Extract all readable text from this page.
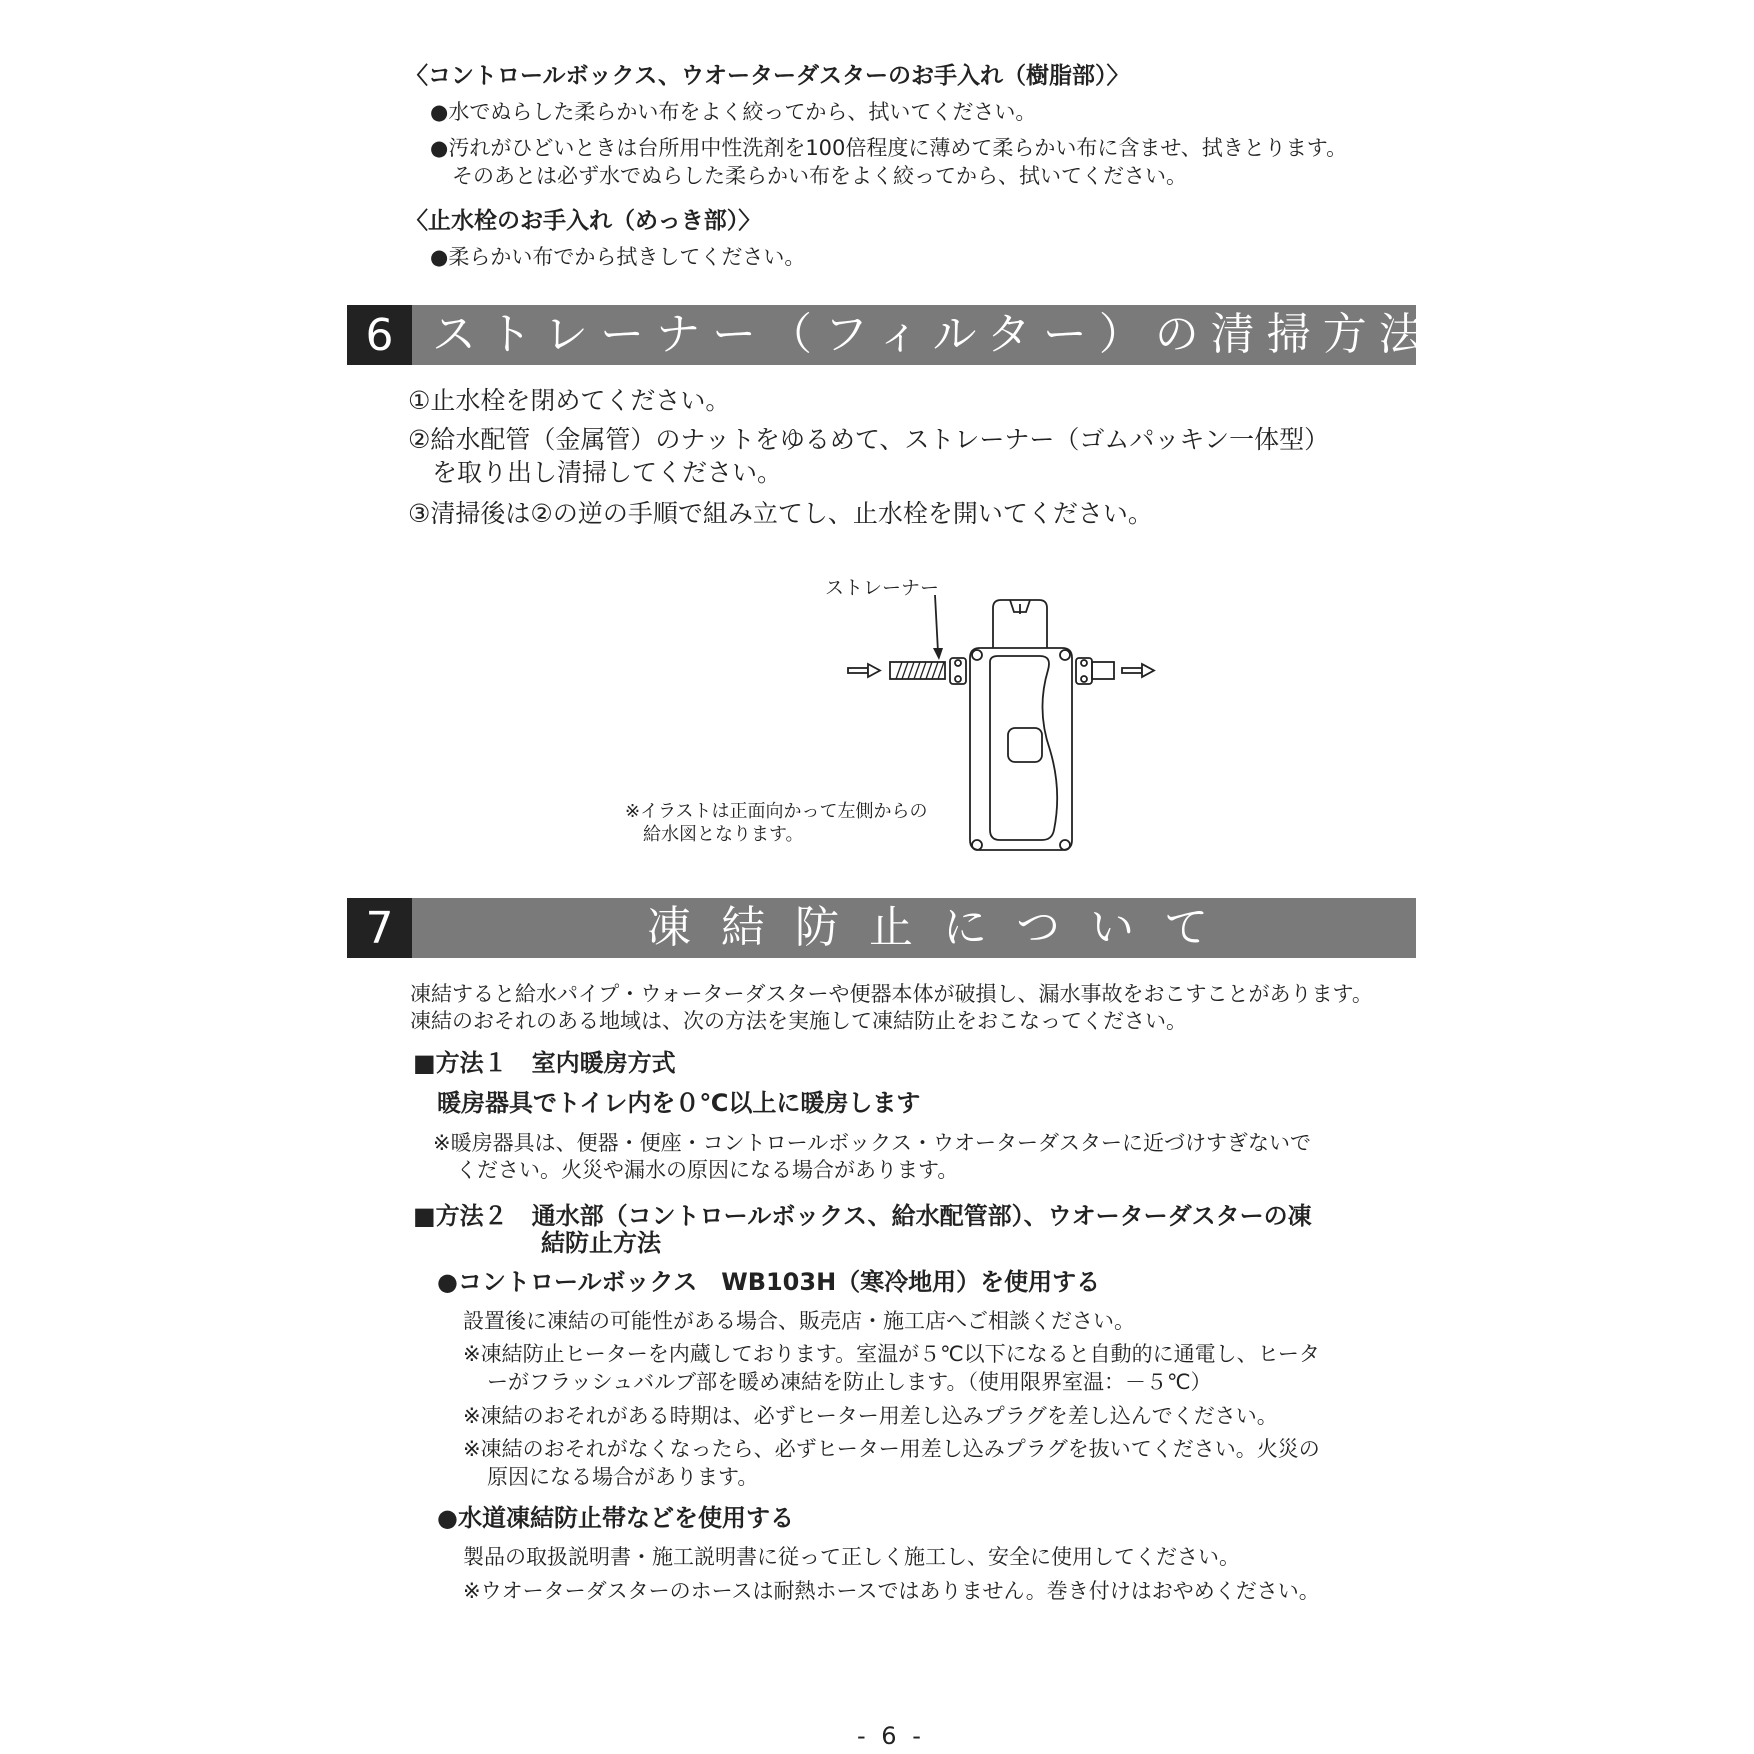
〈コントロールボックス、ウオーターダスターのお手入れ（樹脂部）〉
●水でぬらした柔らかい布をよく絞ってから、拭いてください。
●汚れがひどいときは台所用中性洗剤を100倍程度に薄めて柔らかい布に含ませ、拭きとります。
そのあとは必ず水でぬらした柔らかい布をよく絞ってから、拭いてください。
〈止水栓のお手入れ（めっき部）〉
●柔らかい布でから拭きしてください。
6 ストレーナー（フィルター）の清掃方法
①止水栓を閉めてください。
②給水配管（金属管）のナットをゆるめて、ストレーナー（ゴムパッキン一体型）
を取り出し清掃してください。
③清掃後は②の逆の手順で組み立てし、止水栓を開いてください。
ストレーナー
※イラストは正面向かって左側からの
給水図となります。
7	凍結防止について
凍結すると給水パイプ・ウォーターダスターや便器本体が破損し、漏水事故をおこすことがあります。
凍結のおそれのある地域は、次の方法を実施して凍結防止をおこなってください。
■方法１　室内暖房方式
暖房器具でトイレ内を０℃以上に暖房します
※暖房器具は、便器・便座・コントロールボックス・ウオーターダスターに近づけすぎないで
ください。火災や漏水の原因になる場合があります。
■方法２　通水部（コントロールボックス、給水配管部）、ウオーターダスターの凍
結防止方法
●コントロールボックス　WB103H（寒冷地用）を使用する
設置後に凍結の可能性がある場合、販売店・施工店へご相談ください。
※凍結防止ヒーターを内蔵しております。室温が５℃以下になると自動的に通電し、ヒータ
ーがフラッシュバルブ部を暖め凍結を防止します。（使用限界室温：－５℃）
※凍結のおそれがある時期は、必ずヒーター用差し込みプラグを差し込んでください。
※凍結のおそれがなくなったら、必ずヒーター用差し込みプラグを抜いてください。火災の
原因になる場合があります。
●水道凍結防止帯などを使用する
製品の取扱説明書・施工説明書に従って正しく施工し、安全に使用してください。
※ウオーターダスターのホースは耐熱ホースではありません。巻き付けはおやめください。
- 6 -
